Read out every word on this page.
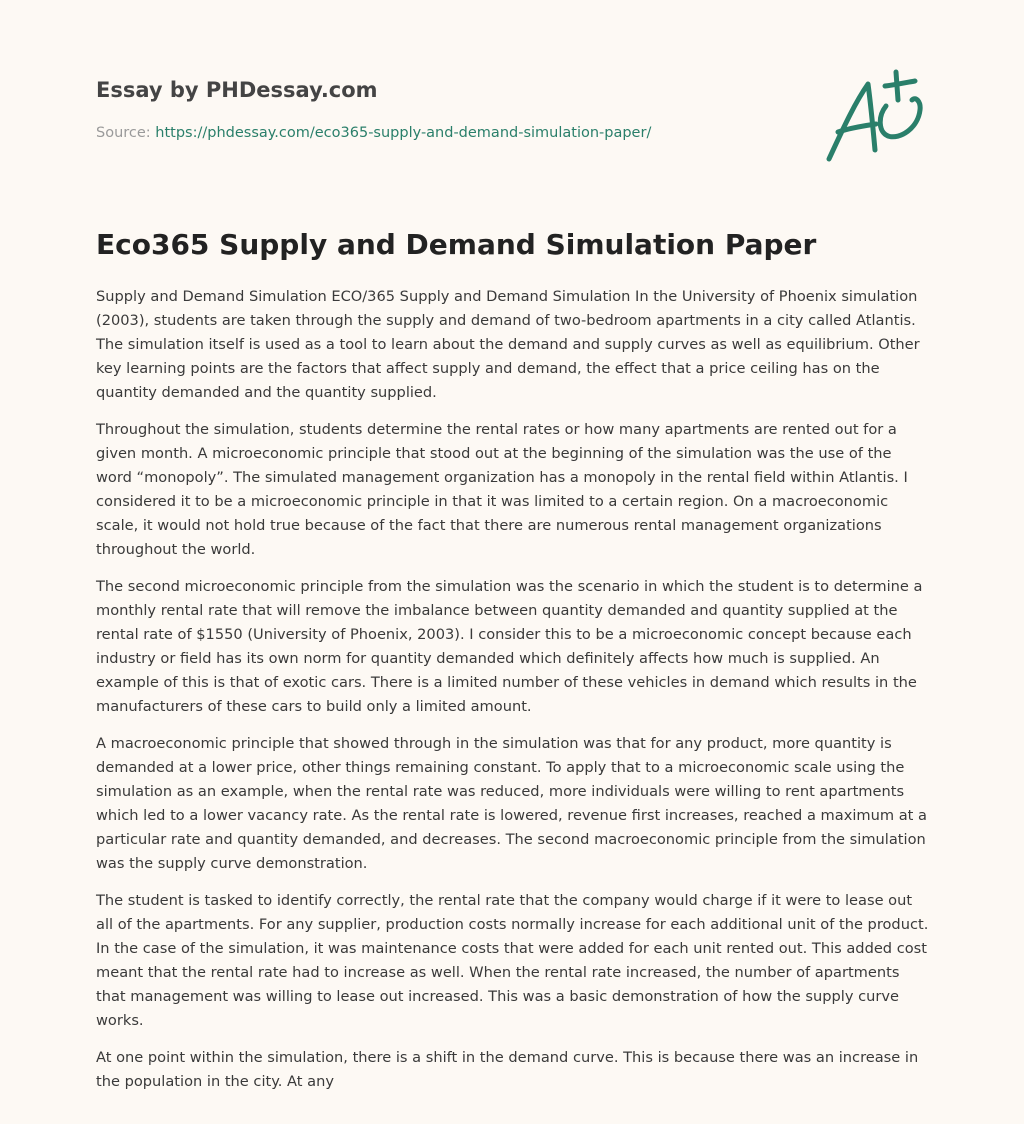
Essay by PHDessay.com
Source: https://phdessay.com/eco365-supply-and-demand-simulation-paper/
Eco365 Supply and Demand Simulation Paper

Supply and Demand Simulation ECO/365 Supply and Demand Simulation In the University of Phoenix simulation (2003), students are taken through the supply and demand of two-bedroom apartments in a city called Atlantis. The simulation itself is used as a tool to learn about the demand and supply curves as well as equilibrium. Other key learning points are the factors that affect supply and demand, the effect that a price ceiling has on the quantity demanded and the quantity supplied.

Throughout the simulation, students determine the rental rates or how many apartments are rented out for a given month. A microeconomic principle that stood out at the beginning of the simulation was the use of the word “monopoly”. The simulated management organization has a monopoly in the rental field within Atlantis. I considered it to be a microeconomic principle in that it was limited to a certain region. On a macroeconomic scale, it would not hold true because of the fact that there are numerous rental management organizations throughout the world.

The second microeconomic principle from the simulation was the scenario in which the student is to determine a monthly rental rate that will remove the imbalance between quantity demanded and quantity supplied at the rental rate of $1550 (University of Phoenix, 2003). I consider this to be a microeconomic concept because each industry or field has its own norm for quantity demanded which definitely affects how much is supplied. An example of this is that of exotic cars. There is a limited number of these vehicles in demand which results in the manufacturers of these cars to build only a limited amount.

A macroeconomic principle that showed through in the simulation was that for any product, more quantity is demanded at a lower price, other things remaining constant. To apply that to a microeconomic scale using the simulation as an example, when the rental rate was reduced, more individuals were willing to rent apartments which led to a lower vacancy rate. As the rental rate is lowered, revenue first increases, reached a maximum at a particular rate and quantity demanded, and decreases. The second macroeconomic principle from the simulation was the supply curve demonstration.

The student is tasked to identify correctly, the rental rate that the company would charge if it were to lease out all of the apartments. For any supplier, production costs normally increase for each additional unit of the product. In the case of the simulation, it was maintenance costs that were added for each unit rented out. This added cost meant that the rental rate had to increase as well. When the rental rate increased, the number of apartments that management was willing to lease out increased. This was a basic demonstration of how the supply curve works.

At one point within the simulation, there is a shift in the demand curve. This is because there was an increase in the population in the city. At any
